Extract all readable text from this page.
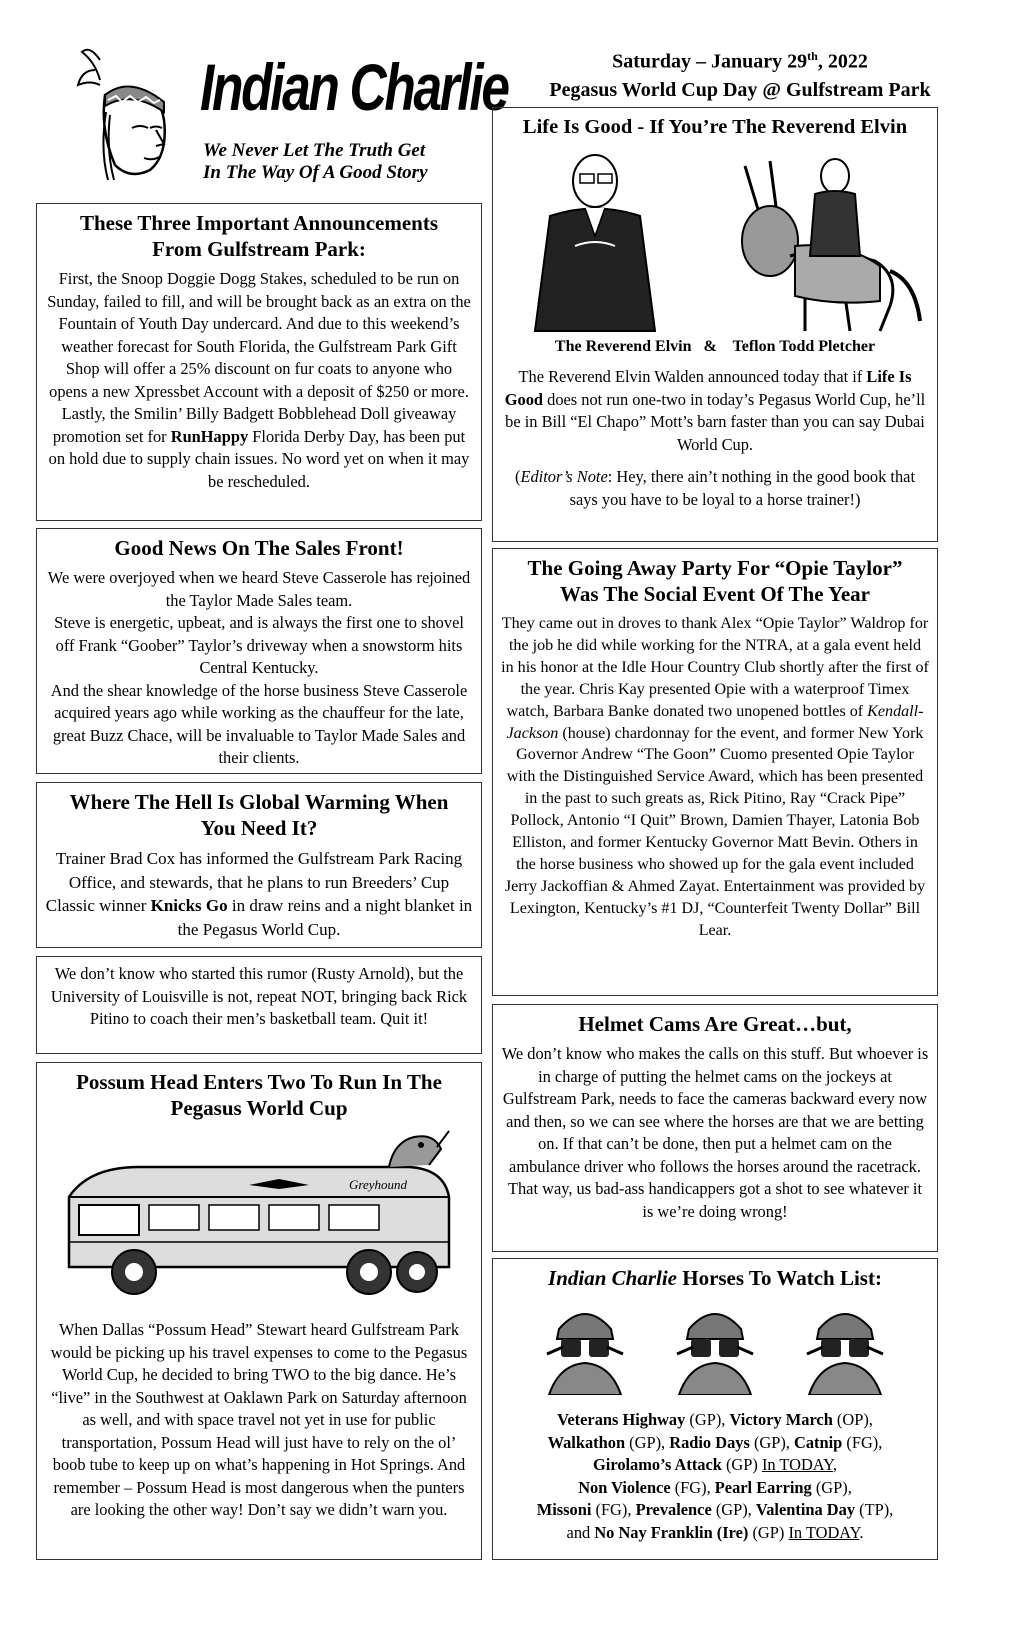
Indian Charlie
We Never Let The Truth Get
In The Way Of A Good Story
Saturday – January 29th, 2022
Pegasus World Cup Day @ Gulfstream Park
These Three Important Announcements
From Gulfstream Park:

First, the Snoop Doggie Dogg Stakes, scheduled to be run on Sunday, failed to fill, and will be brought back as an extra on the Fountain of Youth Day undercard. And due to this weekend’s weather forecast for South Florida, the Gulfstream Park Gift Shop will offer a 25% discount on fur coats to anyone who opens a new Xpressbet Account with a deposit of $250 or more. Lastly, the Smilin’ Billy Badgett Bobblehead Doll giveaway promotion set for RunHappy Florida Derby Day, has been put on hold due to supply chain issues. No word yet on when it may be rescheduled.

Good News On The Sales Front!

We were overjoyed when we heard Steve Casserole has rejoined the Taylor Made Sales team.

Steve is energetic, upbeat, and is always the first one to shovel off Frank “Goober” Taylor’s driveway when a snowstorm hits Central Kentucky.

And the shear knowledge of the horse business Steve Casserole acquired years ago while working as the chauffeur for the late, great Buzz Chace, will be invaluable to Taylor Made Sales and their clients.

Where The Hell Is Global Warming When
You Need It?

Trainer Brad Cox has informed the Gulfstream Park Racing Office, and stewards, that he plans to run Breeders’ Cup Classic winner Knicks Go in draw reins and a night blanket in the Pegasus World Cup.

We don’t know who started this rumor (Rusty Arnold), but the University of Louisville is not, repeat NOT, bringing back Rick Pitino to coach their men’s basketball team. Quit it!

Possum Head Enters Two To Run In The
Pegasus World Cup
Greyhound

When Dallas “Possum Head” Stewart heard Gulfstream Park would be picking up his travel expenses to come to the Pegasus World Cup, he decided to bring TWO to the big dance. He’s “live” in the Southwest at Oaklawn Park on Saturday afternoon as well, and with space travel not yet in use for public transportation, Possum Head will just have to rely on the ol’ boob tube to keep up on what’s happening in Hot Springs. And remember – Possum Head is most dangerous when the punters are looking the other way! Don’t say we didn’t warn you.

Life Is Good - If You’re The Reverend Elvin
The Reverend Elvin & Teflon Todd Pletcher

The Reverend Elvin Walden announced today that if Life Is Good does not run one-two in today’s Pegasus World Cup, he’ll be in Bill “El Chapo” Mott’s barn faster than you can say Dubai World Cup.

(Editor’s Note: Hey, there ain’t nothing in the good book that says you have to be loyal to a horse trainer!)

The Going Away Party For “Opie Taylor”
Was The Social Event Of The Year

They came out in droves to thank Alex “Opie Taylor” Waldrop for the job he did while working for the NTRA, at a gala event held in his honor at the Idle Hour Country Club shortly after the first of the year. Chris Kay presented Opie with a waterproof Timex watch, Barbara Banke donated two unopened bottles of Kendall-Jackson (house) chardonnay for the event, and former New York Governor Andrew “The Goon” Cuomo presented Opie Taylor with the Distinguished Service Award, which has been presented in the past to such greats as, Rick Pitino, Ray “Crack Pipe” Pollock, Antonio “I Quit” Brown, Damien Thayer, Latonia Bob Elliston, and former Kentucky Governor Matt Bevin. Others in the horse business who showed up for the gala event included Jerry Jackoffian & Ahmed Zayat. Entertainment was provided by Lexington, Kentucky’s #1 DJ, “Counterfeit Twenty Dollar” Bill Lear.

Helmet Cams Are Great…but,

We don’t know who makes the calls on this stuff. But whoever is in charge of putting the helmet cams on the jockeys at Gulfstream Park, needs to face the cameras backward every now and then, so we can see where the horses are that we are betting on. If that can’t be done, then put a helmet cam on the ambulance driver who follows the horses around the racetrack. That way, us bad-ass handicappers got a shot to see whatever it is we’re doing wrong!

Indian Charlie Horses To Watch List:
Veterans Highway (GP), Victory March (OP),
Walkathon (GP), Radio Days (GP), Catnip (FG),
Girolamo’s Attack (GP) In TODAY,
Non Violence (FG), Pearl Earring (GP),
Missoni (FG), Prevalence (GP), Valentina Day (TP),
and No Nay Franklin (Ire) (GP) In TODAY.
